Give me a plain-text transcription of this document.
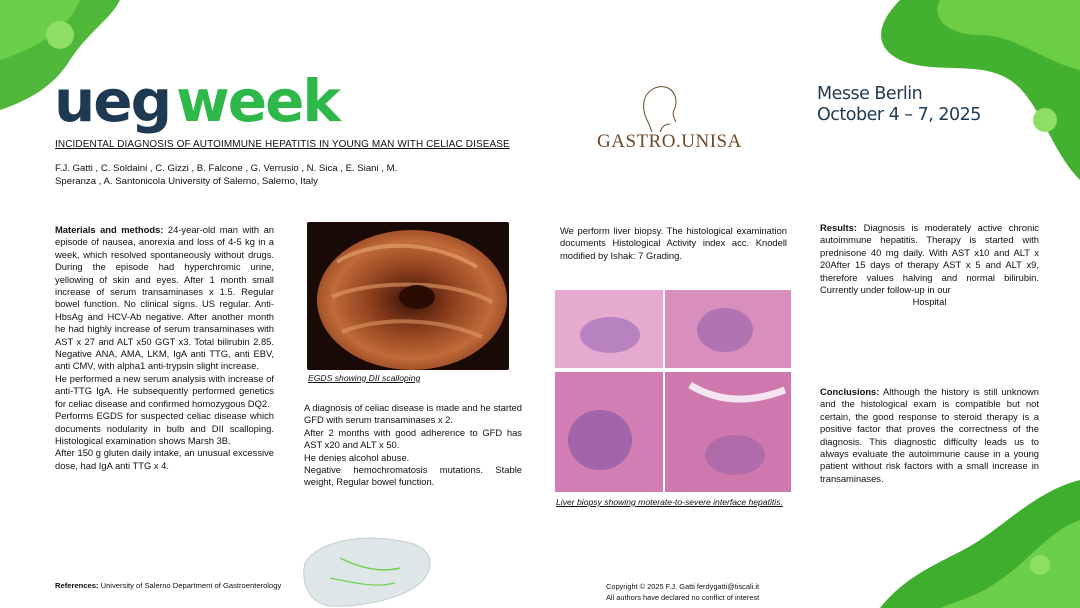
ueg week	Messe Berlin
October 4 – 7, 2025
GASTRO.UNISA
INCIDENTAL DIAGNOSIS OF AUTOIMMUNE HEPATITIS IN YOUNG MAN WITH CELIAC DISEASE
F.J. Gatti , C. Soldaini , C. Gizzi , B. Falcone , G. Verrusio , N. Sica , E. Siani , M. Speranza , A. Santonicola University of Salerno, Salerno, Italy

Materials and methods: 24-year-old man with an episode of nausea, anorexia and loss of 4-5 kg in a week, which resolved spontaneously without drugs. During the episode had hyperchromic urine, yellowing of skin and eyes. After 1 month small increase of serum transaminases x 1.5. Regular bowel function. No clinical signs. US regular. Anti-HbsAg and HCV-Ab negative. After another month he had highly increase of serum transaminases with AST x 27 and ALT x50 GGT x3. Total bilirubin 2.85. Negative ANA, AMA, LKM, IgA anti TTG, anti EBV, anti CMV, with alpha1 anti-trypsin slight increase.

He performed a new serum analysis with increase of anti-TTG IgA. He subsequently performed genetics for celiac disease and confirmed homozygous DQ2.

Performs EGDS for suspected celiac disease which documents nodularity in bulb and DII scalloping. Histological examination shows Marsh 3B.

After 150 g gluten daily intake, an unusual excessive dose, had IgA anti TTG x 4.

EGDS showing DII scalloping

A diagnosis of celiac disease is made and he started GFD with serum transaminases x 2.

After 2 months with good adherence to GFD has AST x20 and ALT x 50.

He denies alcohol abuse.

Negative hemochromatosis mutations. Stable weight, Regular bowel function.

We perform liver biopsy. The histological examination documents Histological Activity index acc. Knodell modified by Ishak: 7 Grading.

Liver biopsy showing moterate-to-severe interface hepatitis.

Results: Diagnosis is moderately active chronic autoimmune hepatitis. Therapy is started with prednisone 40 mg daily. With AST x10 and ALT x 20After 15 days of therapy AST x 5 and ALT x9, therefore values halving and normal bilirubin. Currently under follow-up in our

Hospital

Conclusions: Although the history is still unknown and the histological exam is compatible but not certain, the good response to steroid therapy is a positive factor that proves the correctness of the diagnosis. This diagnostic difficulty leads us to always evaluate the autoimmune cause in a young patient without risk factors with a small increase in transaminases.

References: University of Salerno Department of Gastroenterology	Copyright © 2025 F.J. Gatti ferdygatti@tiscali.it
All authors have declared no conflict of interest
